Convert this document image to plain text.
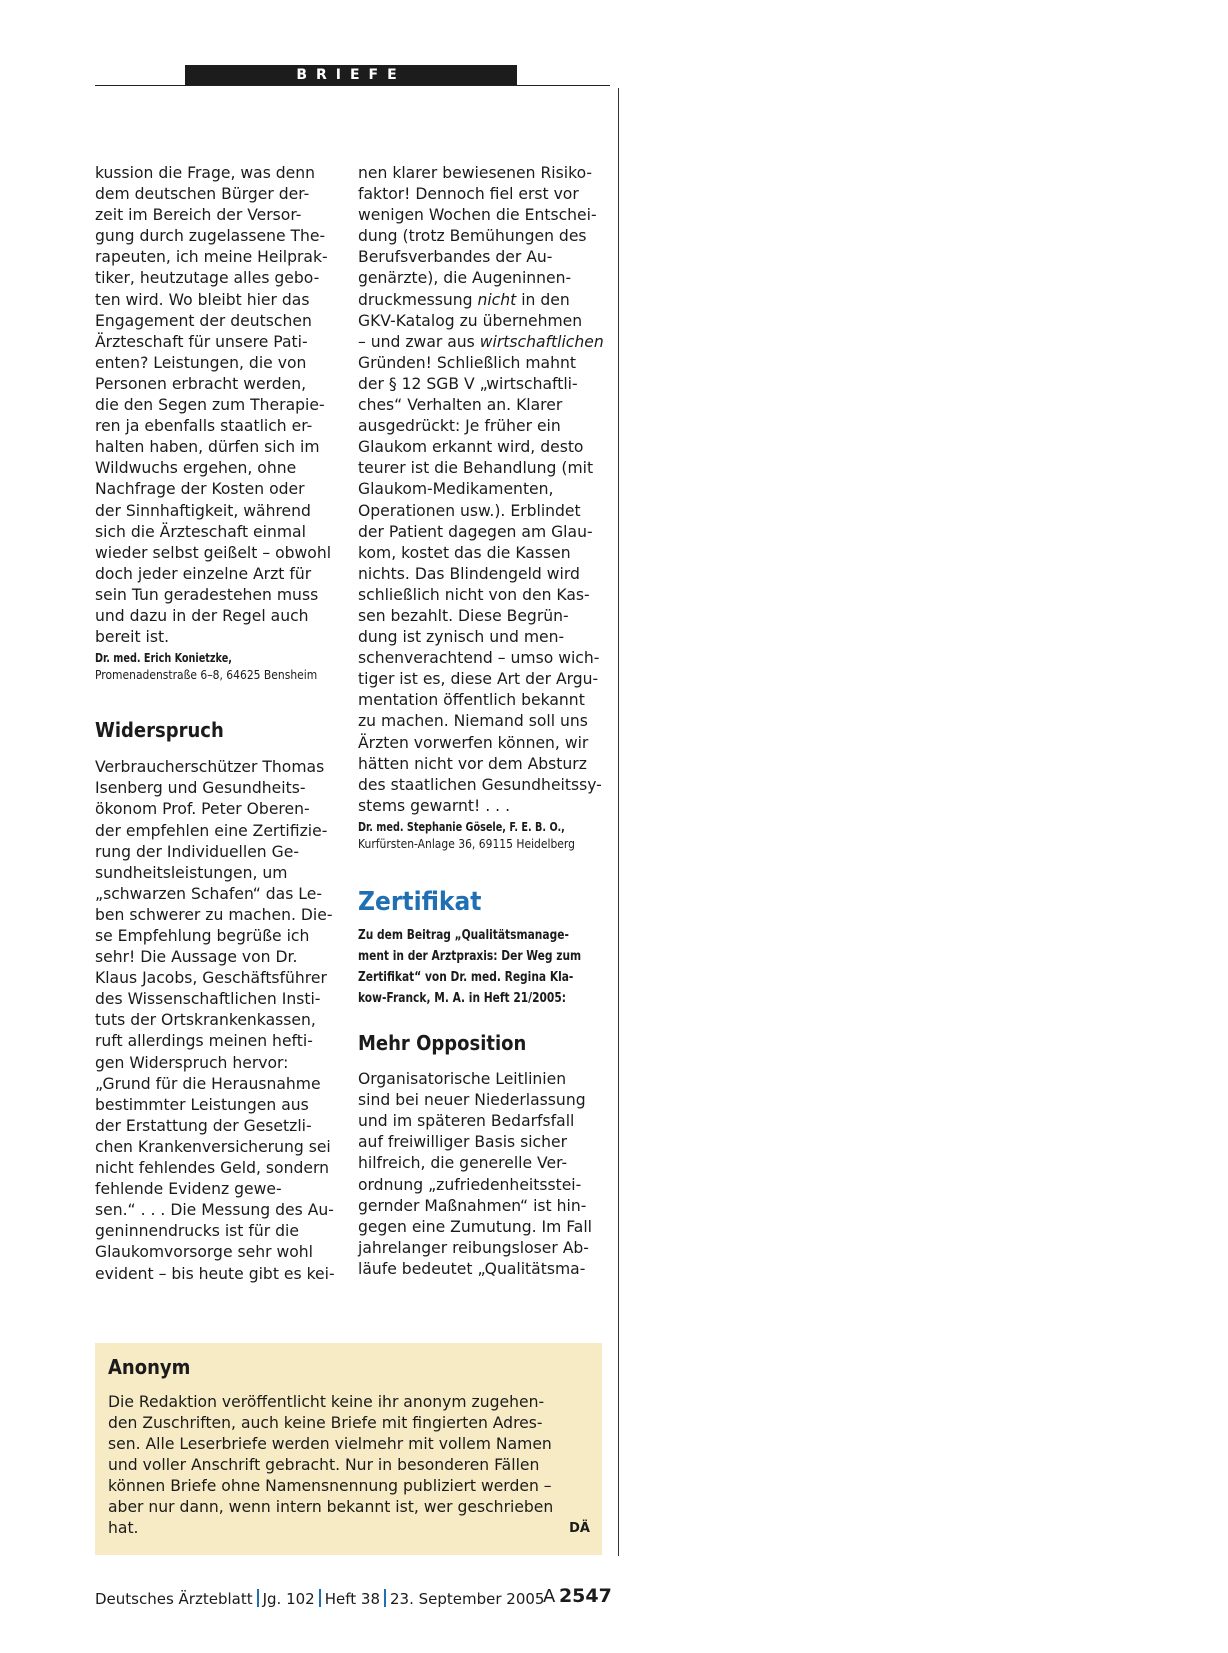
BRIEFE
kussion die Frage, was denn
dem deutschen Bürger der-
zeit im Bereich der Versor-
gung durch zugelassene The-
rapeuten, ich meine Heilprak-
tiker, heutzutage alles gebo-
ten wird. Wo bleibt hier das
Engagement der deutschen
Ärzteschaft für unsere Pati-
enten? Leistungen, die von
Personen erbracht werden,
die den Segen zum Therapie-
ren ja ebenfalls staatlich er-
halten haben, dürfen sich im
Wildwuchs ergehen, ohne
Nachfrage der Kosten oder
der Sinnhaftigkeit, während
sich die Ärzteschaft einmal
wieder selbst geißelt – obwohl
doch jeder einzelne Arzt für
sein Tun geradestehen muss
und dazu in der Regel auch
bereit ist.
Dr. med. Erich Konietzke,
Promenadenstraße 6–8, 64625 Bensheim
Widerspruch
Verbraucherschützer Thomas
Isenberg und Gesundheits-
ökonom Prof. Peter Oberen-
der empfehlen eine Zertifizie-
rung der Individuellen Ge-
sundheitsleistungen, um
„schwarzen Schafen“ das Le-
ben schwerer zu machen. Die-
se Empfehlung begrüße ich
sehr! Die Aussage von Dr.
Klaus Jacobs, Geschäftsführer
des Wissenschaftlichen Insti-
tuts der Ortskrankenkassen,
ruft allerdings meinen hefti-
gen Widerspruch hervor:
„Grund für die Herausnahme
bestimmter Leistungen aus
der Erstattung der Gesetzli-
chen Krankenversicherung sei
nicht fehlendes Geld, sondern
fehlende Evidenz gewe-
sen.“ . . . Die Messung des Au-
geninnendrucks ist für die
Glaukomvorsorge sehr wohl
evident – bis heute gibt es kei-
nen klarer bewiesenen Risiko-
faktor! Dennoch fiel erst vor
wenigen Wochen die Entschei-
dung (trotz Bemühungen des
Berufsverbandes der Au-
genärzte), die Augeninnen-
druckmessung nicht in den
GKV-Katalog zu übernehmen
– und zwar aus wirtschaftlichen
Gründen! Schließlich mahnt
der § 12 SGB V „wirtschaftli-
ches“ Verhalten an. Klarer
ausgedrückt: Je früher ein
Glaukom erkannt wird, desto
teurer ist die Behandlung (mit
Glaukom-Medikamenten,
Operationen usw.). Erblindet
der Patient dagegen am Glau-
kom, kostet das die Kassen
nichts. Das Blindengeld wird
schließlich nicht von den Kas-
sen bezahlt. Diese Begrün-
dung ist zynisch und men-
schenverachtend – umso wich-
tiger ist es, diese Art der Argu-
mentation öffentlich bekannt
zu machen. Niemand soll uns
Ärzten vorwerfen können, wir
hätten nicht vor dem Absturz
des staatlichen Gesundheitssy-
stems gewarnt! . . .
Dr. med. Stephanie Gösele, F. E. B. O.,
Kurfürsten-Anlage 36, 69115 Heidelberg
Zertifikat
Zu dem Beitrag „Qualitätsmanage-
ment in der Arztpraxis: Der Weg zum
Zertifikat“ von Dr. med. Regina Kla-
kow-Franck, M. A. in Heft 21/2005:
Mehr Opposition
Organisatorische Leitlinien
sind bei neuer Niederlassung
und im späteren Bedarfsfall
auf freiwilliger Basis sicher
hilfreich, die generelle Ver-
ordnung „zufriedenheitsstei-
gernder Maßnahmen“ ist hin-
gegen eine Zumutung. Im Fall
jahrelanger reibungsloser Ab-
läufe bedeutet „Qualitätsma-
Anonym
Die Redaktion veröffentlicht keine ihr anonym zugehen-
den Zuschriften, auch keine Briefe mit fingierten Adres-
sen. Alle Leserbriefe werden vielmehr mit vollem Namen
und voller Anschrift gebracht. Nur in besonderen Fällen
können Briefe ohne Namensnennung publiziert werden –
aber nur dann, wenn intern bekannt ist, wer geschrieben
hat.	DÄ
Deutsches Ärzteblatt Jg. 102 Heft 38 23. September 2005
A  2547
